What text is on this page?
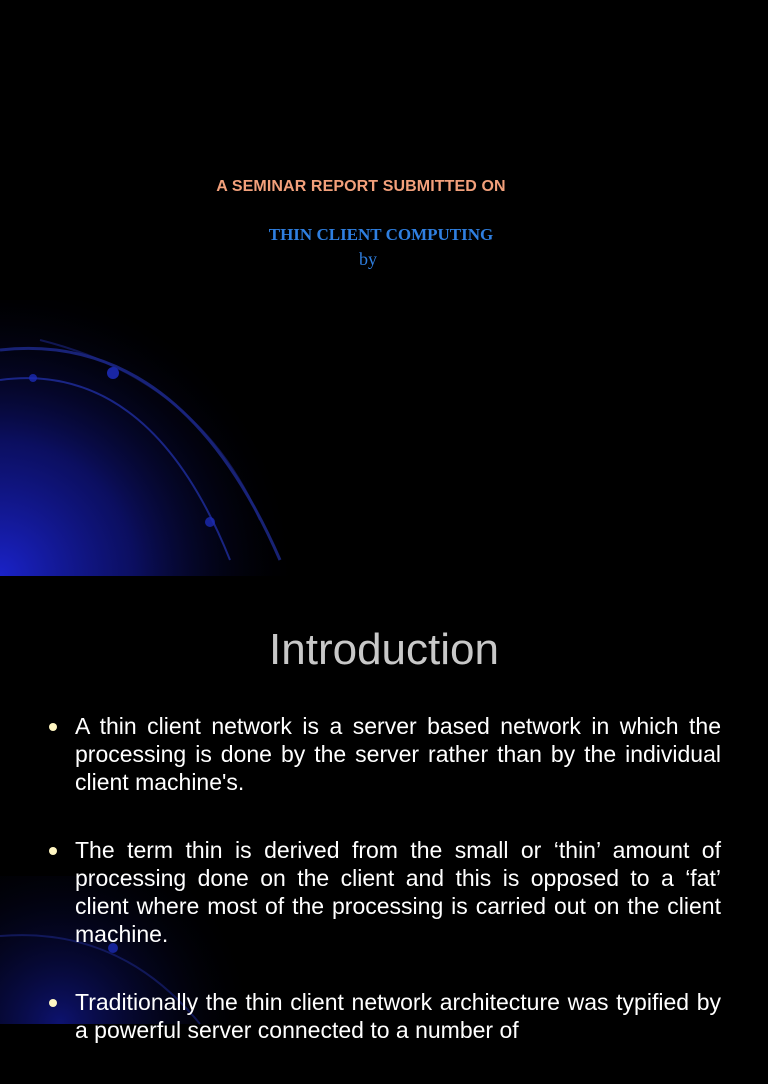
A SEMINAR REPORT SUBMITTED ON
THIN CLIENT COMPUTING
by
Introduction
A thin client network is a server based network in which the processing is done by the server rather than by the individual client machine's.
The term thin is derived from the small or ‘thin’ amount of processing done on the client and this is opposed to a ‘fat’ client where most of the processing is carried out on the client machine.
Traditionally the thin client network architecture was typified by a powerful server connected to a number of
